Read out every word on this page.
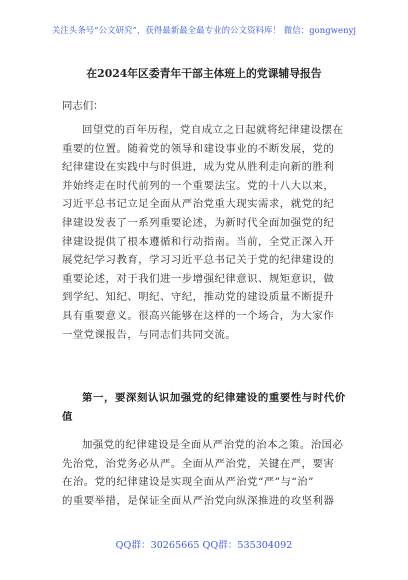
关注头条号“公文研究”，获得最新最全最专业的公文资料库！ 微信：gongwenyj
在2024年区委青年干部主体班上的党课辅导报告
同志们：
回望党的百年历程，党自成立之日起就将纪律建设摆在
重要的位置。随着党的领导和建设事业的不断发展，党的
纪律建设在实践中与时俱进，成为党从胜利走向新的胜利
并始终走在时代前列的一个重要法宝。党的十八大以来，
习近平总书记立足全面从严治党重大现实需求，就党的纪
律建设发表了一系列重要论述，为新时代全面加强党的纪
律建设提供了根本遵循和行动指南。当前，全党正深入开
展党纪学习教育，学习习近平总书记关于党的纪律建设的
重要论述，对于我们进一步增强纪律意识、规矩意识，做
到学纪、知纪、明纪、守纪，推动党的建设质量不断提升
具有重要意义。很高兴能够在这样的一个场合，为大家作
一堂党课报告，与同志们共同交流。
第一，要深刻认识加强党的纪律建设的重要性与时代价
值
加强党的纪律建设是全面从严治党的治本之策。治国必
先治党，治党务必从严。全面从严治党，关键在严，要害
在治。党的纪律建设是实现全面从严治党“严”与“治”
的重要举措，是保证全面从严治党向纵深推进的攻坚利器
QQ群：30265665 QQ群：535304092
